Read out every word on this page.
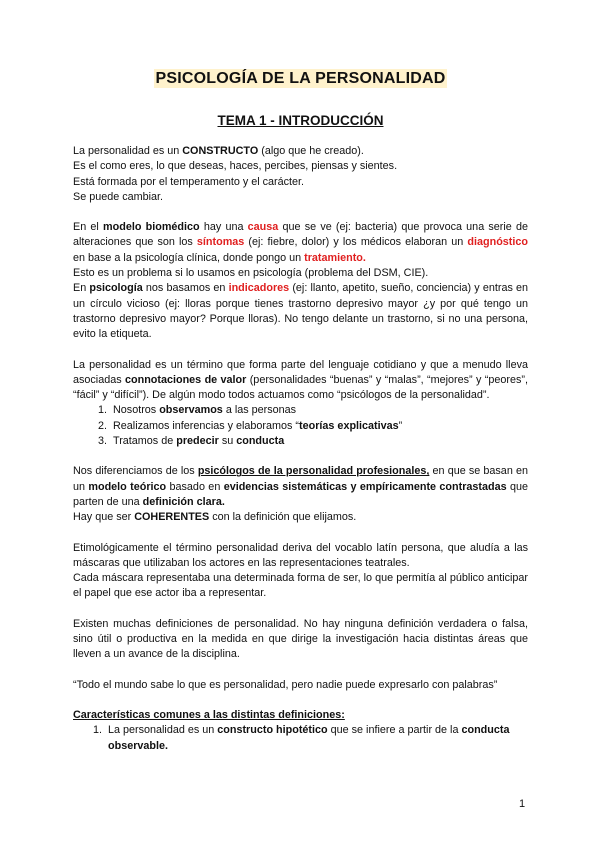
PSICOLOGÍA DE LA PERSONALIDAD
TEMA 1 - INTRODUCCIÓN

La personalidad es un CONSTRUCTO (algo que he creado).

Es el como eres, lo que deseas, haces, percibes, piensas y sientes.

Está formada por el temperamento y el carácter.

Se puede cambiar.

En el modelo biomédico hay una causa que se ve (ej: bacteria) que provoca una serie de alteraciones que son los síntomas (ej: fiebre, dolor) y los médicos elaboran un diagnóstico en base a la psicología clínica, donde pongo un tratamiento.

Esto es un problema si lo usamos en psicología (problema del DSM, CIE).

En psicología nos basamos en indicadores (ej: llanto, apetito, sueño, conciencia) y entras en un círculo vicioso (ej: lloras porque tienes trastorno depresivo mayor ¿y por qué tengo un trastorno depresivo mayor? Porque lloras). No tengo delante un trastorno, si no una persona, evito la etiqueta.

La personalidad es un término que forma parte del lenguaje cotidiano y que a menudo lleva asociadas connotaciones de valor (personalidades “buenas” y “malas”, “mejores” y “peores”, “fácil” y “difícil”). De algún modo todos actuamos como “psicólogos de la personalidad”.

1. Nosotros observamos a las personas
2. Realizamos inferencias y elaboramos “teorías explicativas”
3. Tratamos de predecir su conducta

Nos diferenciamos de los psicólogos de la personalidad profesionales, en que se basan en un modelo teórico basado en evidencias sistemáticas y empíricamente contrastadas que parten de una definición clara.

Hay que ser COHERENTES con la definición que elijamos.

Etimológicamente el término personalidad deriva del vocablo latín persona, que aludía a las máscaras que utilizaban los actores en las representaciones teatrales.

Cada máscara representaba una determinada forma de ser, lo que permitía al público anticipar el papel que ese actor iba a representar.

Existen muchas definiciones de personalidad. No hay ninguna definición verdadera o falsa, sino útil o productiva en la medida en que dirige la investigación hacia distintas áreas que lleven a un avance de la disciplina.

“Todo el mundo sabe lo que es personalidad, pero nadie puede expresarlo con palabras”

Características comunes a las distintas definiciones:

1. La personalidad es un constructo hipotético que se infiere a partir de la conducta observable.
1
